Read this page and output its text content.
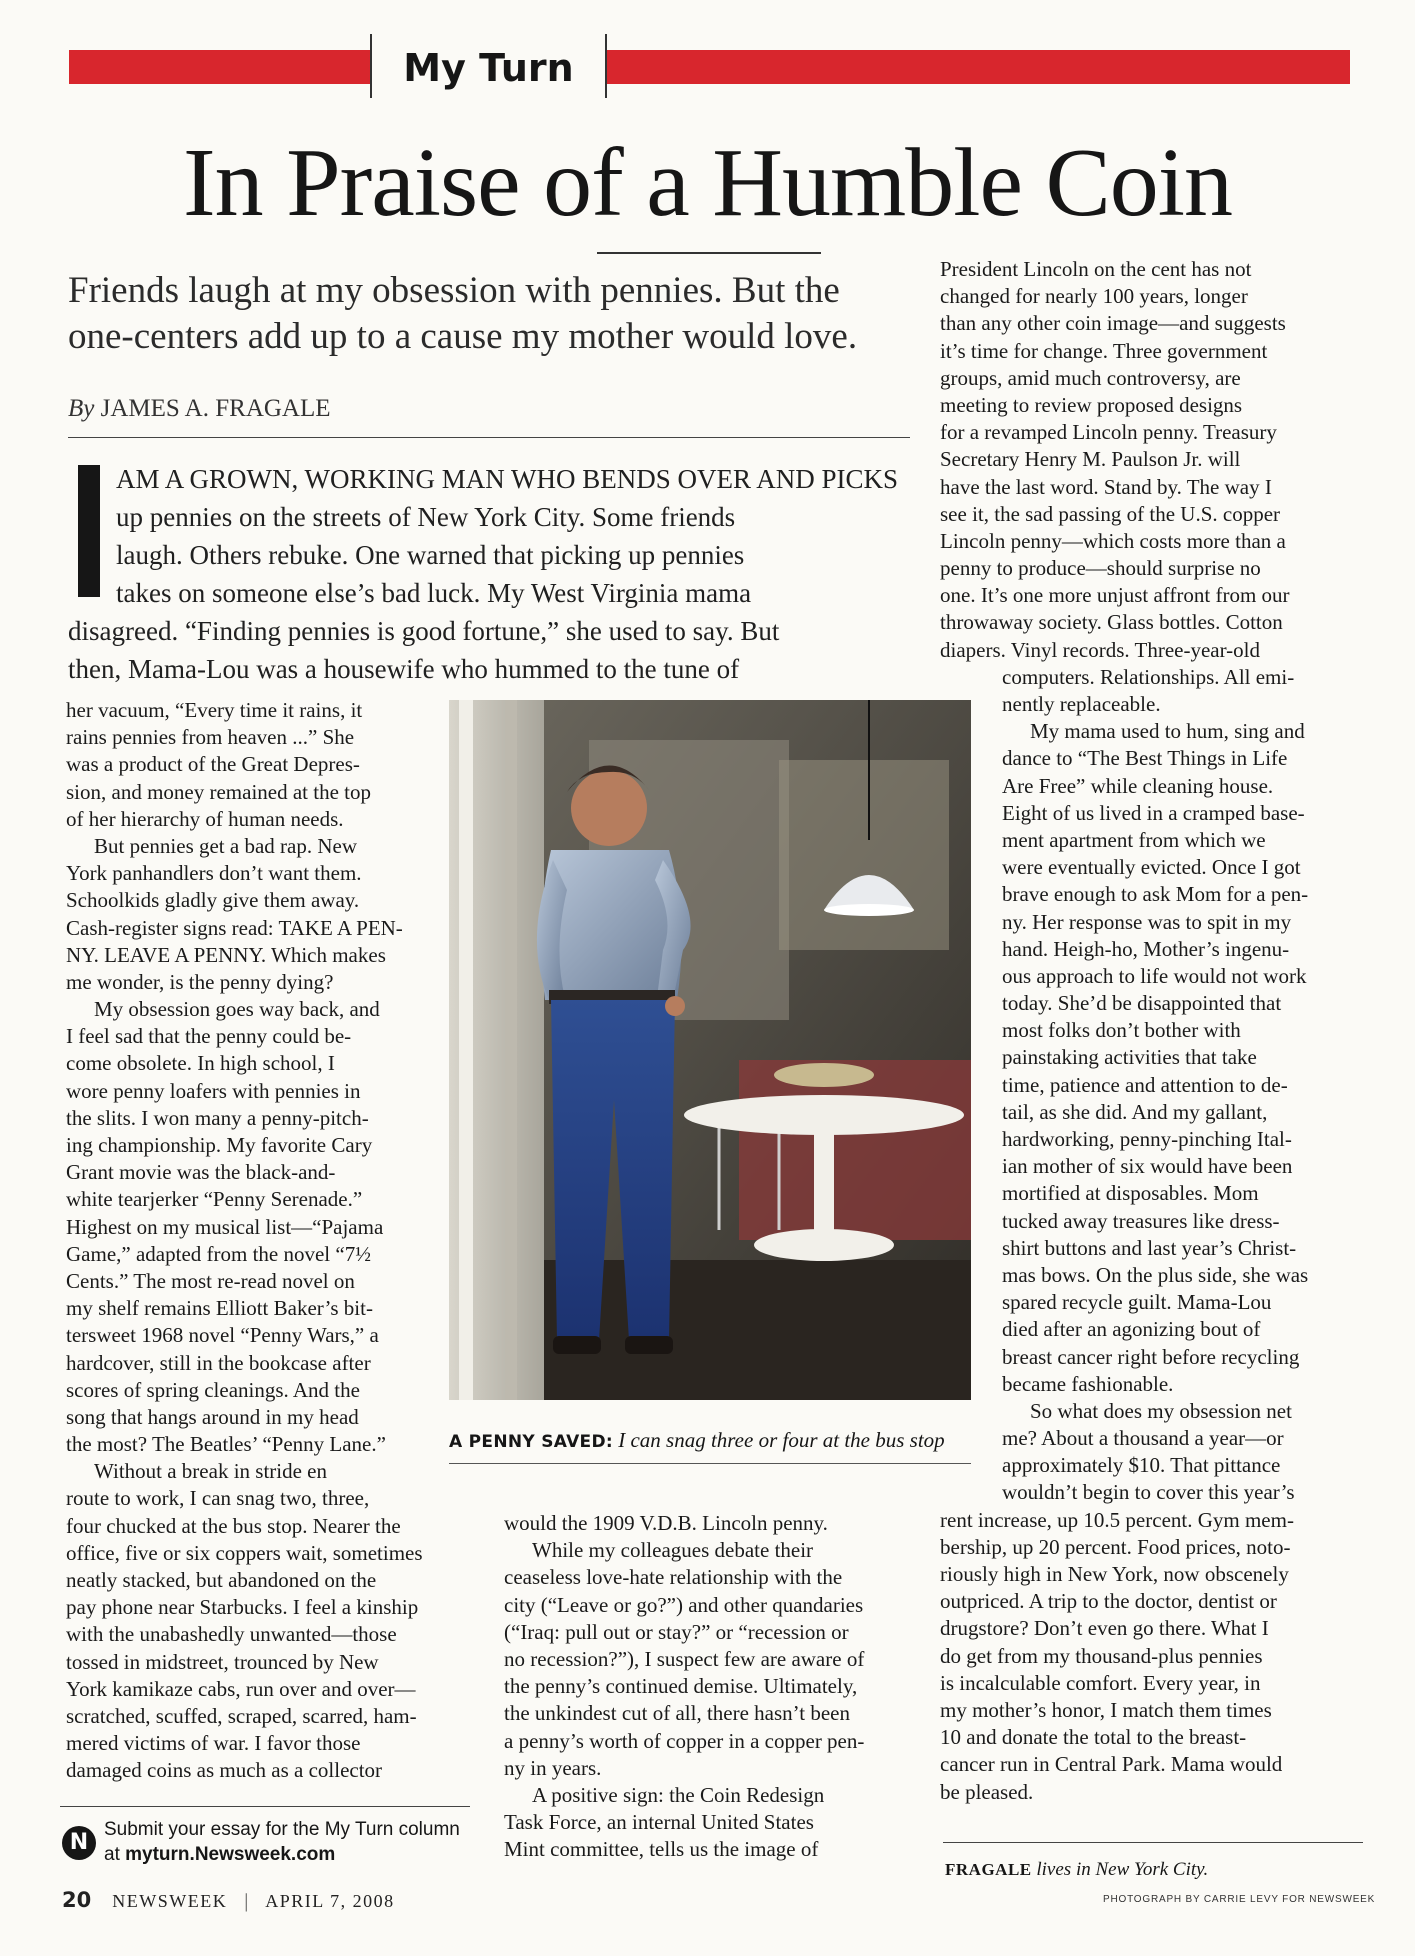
My Turn
In Praise of a Humble Coin
Friends laugh at my obsession with pennies. But the
one-centers add up to a cause my mother would love.
By JAMES A. FRAGALE
AM A GROWN, WORKING MAN WHO BENDS OVER AND PICKS
up pennies on the streets of New York City. Some friends
laugh. Others rebuke. One warned that picking up pennies
takes on someone else’s bad luck. My West Virginia mama
disagreed. “Finding pennies is good fortune,” she used to say. But
then, Mama-Lou was a housewife who hummed to the tune of
her vacuum, “Every time it rains, it
rains pennies from heaven ...” She
was a product of the Great Depres-
sion, and money remained at the top
of her hierarchy of human needs.
But pennies get a bad rap. New
York panhandlers don’t want them.
Schoolkids gladly give them away.
Cash-register signs read: TAKE A PEN-
NY. LEAVE A PENNY. Which makes
me wonder, is the penny dying?
My obsession goes way back, and
I feel sad that the penny could be-
come obsolete. In high school, I
wore penny loafers with pennies in
the slits. I won many a penny-pitch-
ing championship. My favorite Cary
Grant movie was the black-and-
white tearjerker “Penny Serenade.”
Highest on my musical list—“Pajama
Game,” adapted from the novel “7½
Cents.” The most re-read novel on
my shelf remains Elliott Baker’s bit-
tersweet 1968 novel “Penny Wars,” a
hardcover, still in the bookcase after
scores of spring cleanings. And the
song that hangs around in my head
the most? The Beatles’ “Penny Lane.”
Without a break in stride en
route to work, I can snag two, three,
four chucked at the bus stop. Nearer the
office, five or six coppers wait, sometimes
neatly stacked, but abandoned on the
pay phone near Starbucks. I feel a kinship
with the unabashedly unwanted—those
tossed in midstreet, trounced by New
York kamikaze cabs, run over and over—
scratched, scuffed, scraped, scarred, ham-
mered victims of war. I favor those
damaged coins as much as a collector
A PENNY SAVED: I can snag three or four at the bus stop
would the 1909 V.D.B. Lincoln penny.
While my colleagues debate their
ceaseless love-hate relationship with the
city (“Leave or go?”) and other quandaries
(“Iraq: pull out or stay?” or “recession or
no recession?”), I suspect few are aware of
the penny’s continued demise. Ultimately,
the unkindest cut of all, there hasn’t been
a penny’s worth of copper in a copper pen-
ny in years.
A positive sign: the Coin Redesign
Task Force, an internal United States
Mint committee, tells us the image of
President Lincoln on the cent has not
changed for nearly 100 years, longer
than any other coin image—and suggests
it’s time for change. Three government
groups, amid much controversy, are
meeting to review proposed designs
for a revamped Lincoln penny. Treasury
Secretary Henry M. Paulson Jr. will
have the last word. Stand by. The way I
see it, the sad passing of the U.S. copper
Lincoln penny—which costs more than a
penny to produce—should surprise no
one. It’s one more unjust affront from our
throwaway society. Glass bottles. Cotton
diapers. Vinyl records. Three-year-old
computers. Relationships. All emi-
nently replaceable.
My mama used to hum, sing and
dance to “The Best Things in Life
Are Free” while cleaning house.
Eight of us lived in a cramped base-
ment apartment from which we
were eventually evicted. Once I got
brave enough to ask Mom for a pen-
ny. Her response was to spit in my
hand. Heigh-ho, Mother’s ingenu-
ous approach to life would not work
today. She’d be disappointed that
most folks don’t bother with
painstaking activities that take
time, patience and attention to de-
tail, as she did. And my gallant,
hardworking, penny-pinching Ital-
ian mother of six would have been
mortified at disposables. Mom
tucked away treasures like dress-
shirt buttons and last year’s Christ-
mas bows. On the plus side, she was
spared recycle guilt. Mama-Lou
died after an agonizing bout of
breast cancer right before recycling
became fashionable.
So what does my obsession net
me? About a thousand a year—or
approximately $10. That pittance
wouldn’t begin to cover this year’s
rent increase, up 10.5 percent. Gym mem-
bership, up 20 percent. Food prices, noto-
riously high in New York, now obscenely
outpriced. A trip to the doctor, dentist or
drugstore? Don’t even go there. What I
do get from my thousand-plus pennies
is incalculable comfort. Every year, in
my mother’s honor, I match them times
10 and donate the total to the breast-
cancer run in Central Park. Mama would
be pleased.
N
Submit your essay for the My Turn column
at myturn.Newsweek.com
FRAGALE lives in New York City.
20 NEWSWEEK | APRIL 7, 2008	PHOTOGRAPH BY CARRIE LEVY FOR NEWSWEEK
